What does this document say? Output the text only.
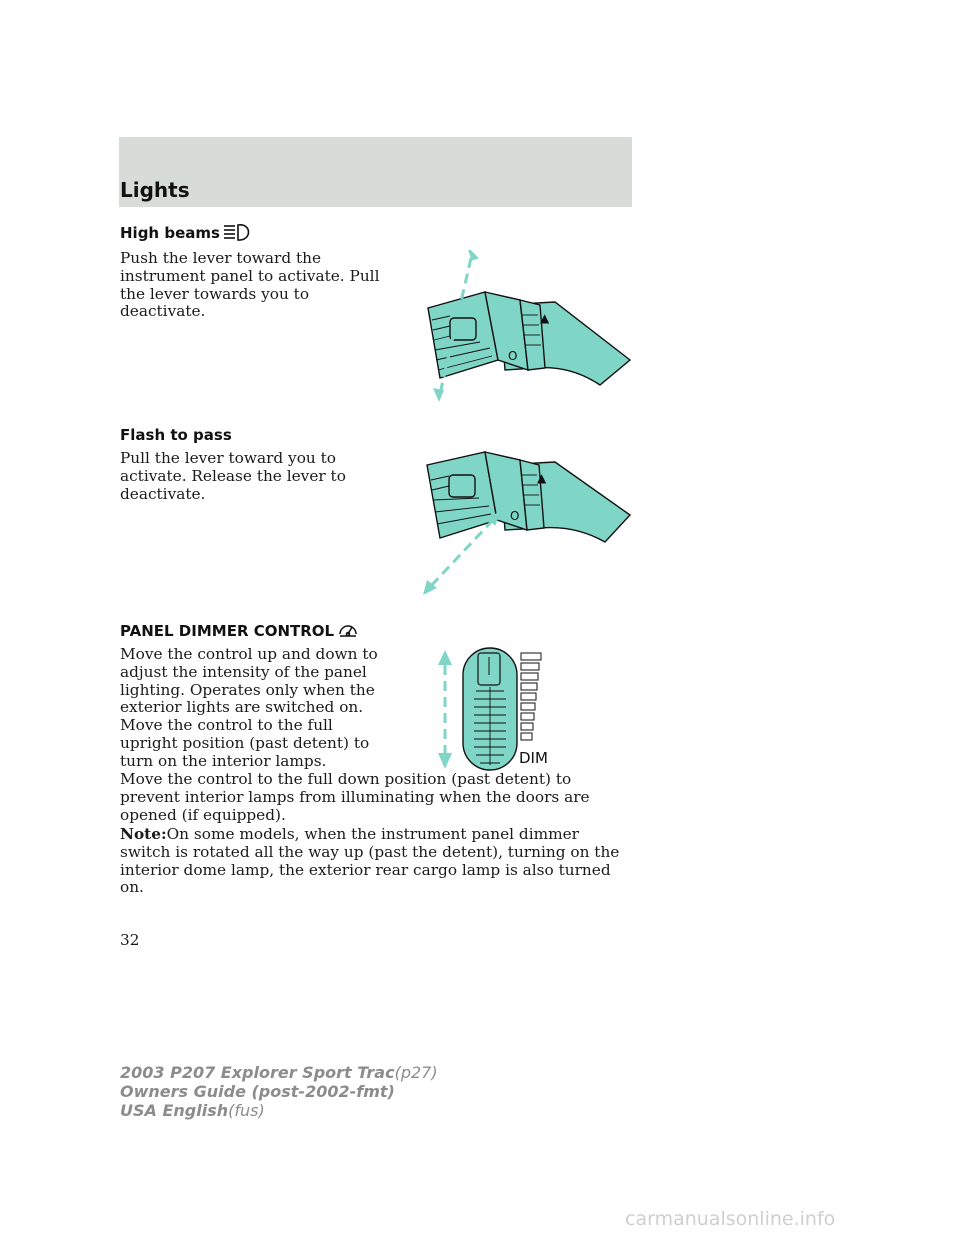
Lights
High beams

Push the lever toward the instrument panel to activate. Pull the lever towards you to deactivate.	▲
O
Flash to pass

Pull the lever toward you to activate. Release the lever to deactivate.

▲
O
PANEL DIMMER CONTROL

Move the control up and down to adjust the intensity of the panel lighting. Operates only when the exterior lights are switched on.

Move the control to the full upright position (past detent) to turn on the interior lamps.

Move the control to the full down position (past detent) to prevent interior lamps from illuminating when the doors are opened (if equipped).

Note:On some models, when the instrument panel dimmer switch is rotated all the way up (past the detent), turning on the interior dome lamp, the exterior rear cargo lamp is also turned on.

DIM
32
2003 P207 Explorer Sport Trac(p27)
Owners Guide (post-2002-fmt)
USA English(fus)
carmanualsonline.info
